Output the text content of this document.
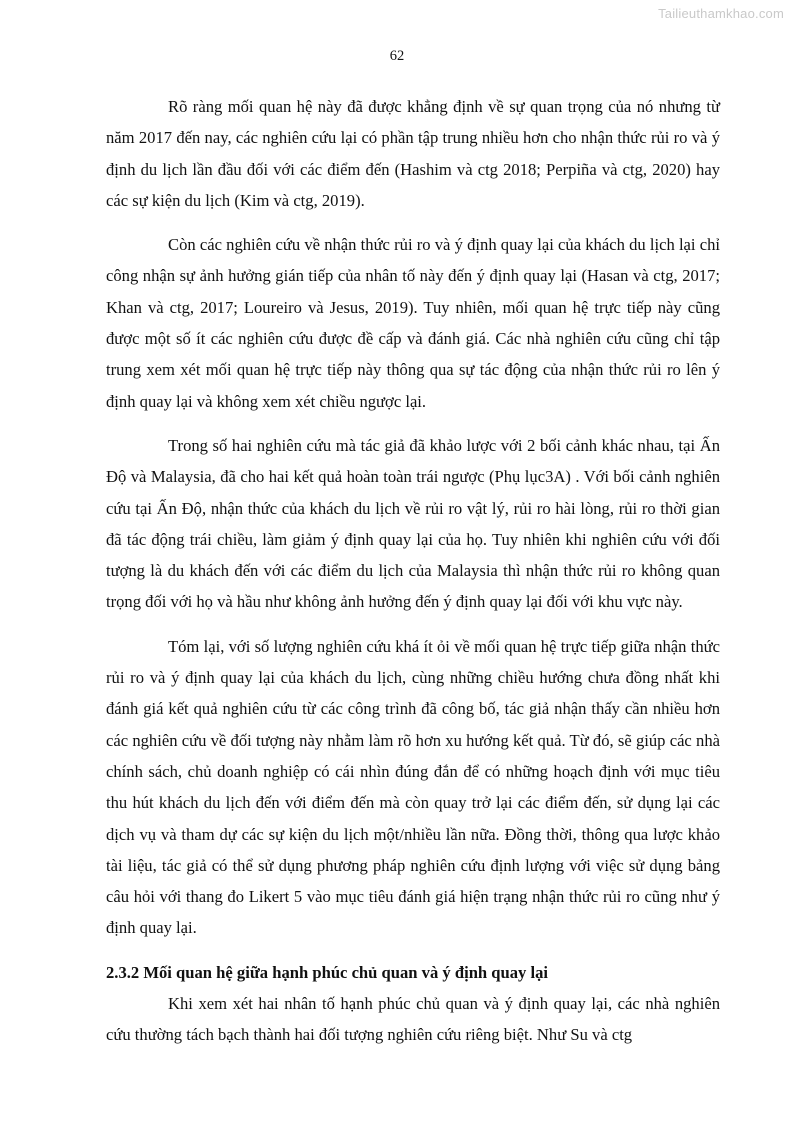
Tailieuthamkhao.com
62

Rõ ràng mối quan hệ này đã được khẳng định về sự quan trọng của nó nhưng từ năm 2017 đến nay, các nghiên cứu lại có phần tập trung nhiều hơn cho nhận thức rủi ro và ý định du lịch lần đầu đối với các điểm đến (Hashim và ctg 2018; Perpiña và ctg, 2020) hay các sự kiện du lịch (Kim và ctg, 2019).

Còn các nghiên cứu về nhận thức rủi ro và ý định quay lại của khách du lịch lại chỉ công nhận sự ảnh hưởng gián tiếp của nhân tố này đến ý định quay lại (Hasan và ctg, 2017; Khan và ctg, 2017; Loureiro và Jesus, 2019). Tuy nhiên, mối quan hệ trực tiếp này cũng được một số ít các nghiên cứu được đề cấp và đánh giá. Các nhà nghiên cứu cũng chỉ tập trung xem xét mối quan hệ trực tiếp này thông qua sự tác động của nhận thức rủi ro lên ý định quay lại và không xem xét chiều ngược lại.

Trong số hai nghiên cứu mà tác giả đã khảo lược với 2 bối cảnh khác nhau, tại Ấn Độ và Malaysia, đã cho hai kết quả hoàn toàn trái ngược (Phụ lục3A) . Với bối cảnh nghiên cứu tại Ấn Độ, nhận thức của khách du lịch về rủi ro vật lý, rủi ro hài lòng, rủi ro thời gian đã tác động trái chiều, làm giảm ý định quay lại của họ. Tuy nhiên khi nghiên cứu với đối tượng là du khách đến với các điểm du lịch của Malaysia thì nhận thức rủi ro không quan trọng đối với họ và hầu như không ảnh hưởng đến ý định quay lại đối với khu vực này.

Tóm lại, với số lượng nghiên cứu khá ít ỏi về mối quan hệ trực tiếp giữa nhận thức rủi ro và ý định quay lại của khách du lịch, cùng những chiều hướng chưa đồng nhất khi đánh giá kết quả nghiên cứu từ các công trình đã công bố, tác giả nhận thấy cần nhiều hơn các nghiên cứu về đối tượng này nhằm làm rõ hơn xu hướng kết quả. Từ đó, sẽ giúp các nhà chính sách, chủ doanh nghiệp có cái nhìn đúng đắn để có những hoạch định với mục tiêu thu hút khách du lịch đến với điểm đến mà còn quay trở lại các điểm đến, sử dụng lại các dịch vụ và tham dự các sự kiện du lịch một/nhiều lần nữa. Đồng thời, thông qua lược khảo tài liệu, tác giả có thể sử dụng phương pháp nghiên cứu định lượng với việc sử dụng bảng câu hỏi với thang đo Likert 5 vào mục tiêu đánh giá hiện trạng nhận thức rủi ro cũng như ý định quay lại.

2.3.2 Mối quan hệ giữa hạnh phúc chủ quan và ý định quay lại

Khi xem xét hai nhân tố hạnh phúc chủ quan và ý định quay lại, các nhà nghiên cứu thường tách bạch thành hai đối tượng nghiên cứu riêng biệt. Như Su và ctg
